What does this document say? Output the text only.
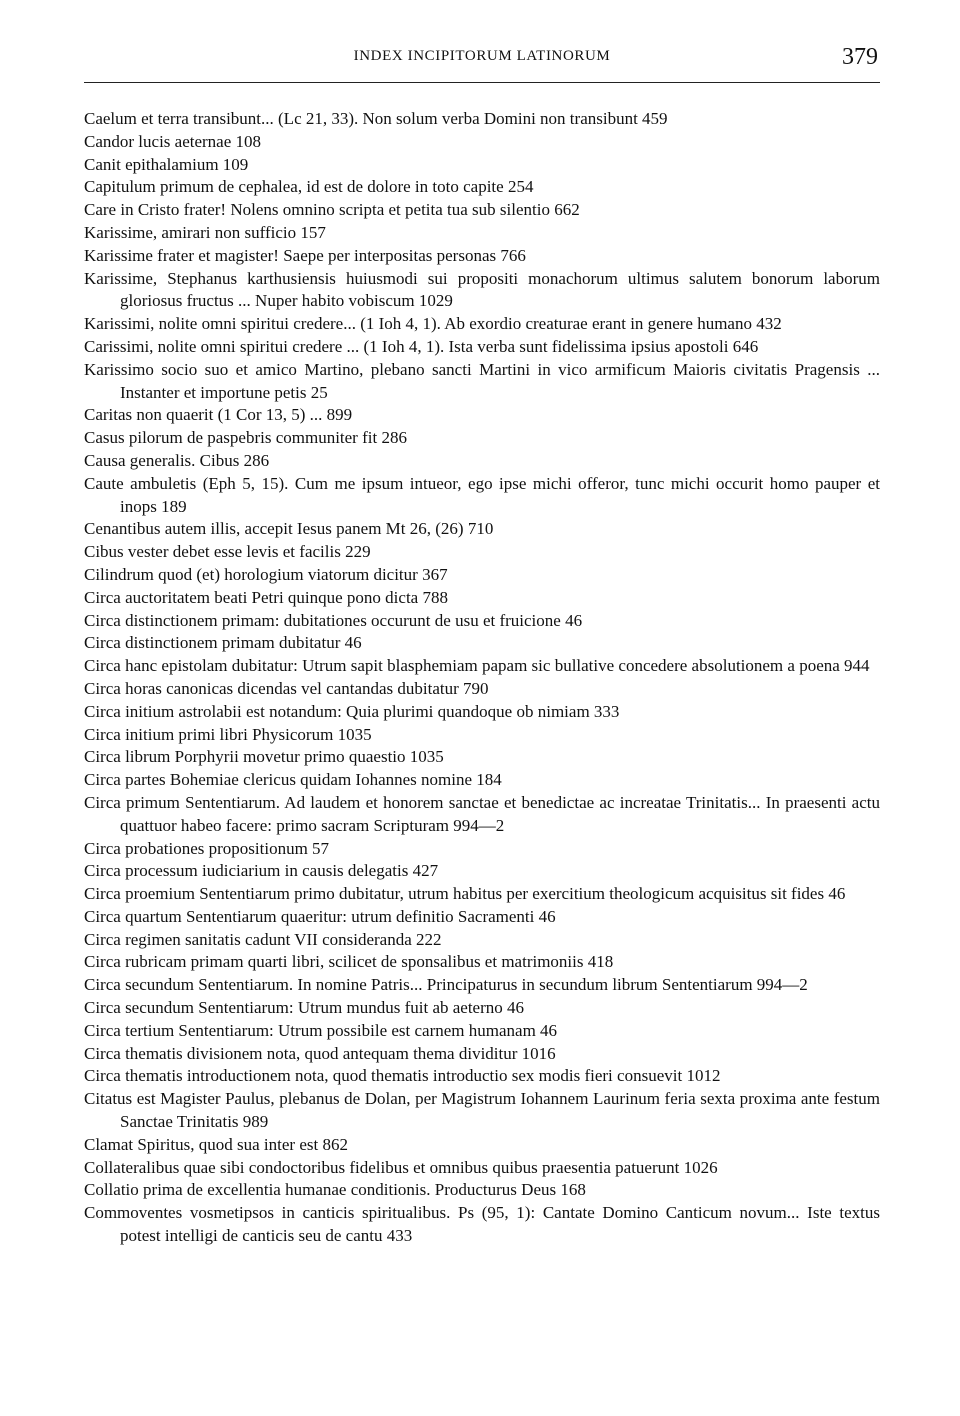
INDEX INCIPITORUM LATINORUM	379
Caelum et terra transibunt... (Lc 21, 33). Non solum verba Domini non transibunt 459
Candor lucis aeternae 108
Canit epithalamium 109
Capitulum primum de cephalea, id est de dolore in toto capite 254
Care in Cristo frater! Nolens omnino scripta et petita tua sub silentio 662
Karissime, amirari non sufficio 157
Karissime frater et magister! Saepe per interpositas personas 766
Karissime, Stephanus karthusiensis huiusmodi sui propositi monachorum ultimus salutem bonorum laborum gloriosus fructus ... Nuper habito vobiscum 1029
Karissimi, nolite omni spiritui credere... (1 Ioh 4, 1). Ab exordio creaturae erant in genere humano 432
Carissimi, nolite omni spiritui credere ... (1 Ioh 4, 1). Ista verba sunt fidelissima ipsius apostoli 646
Karissimo socio suo et amico Martino, plebano sancti Martini in vico armificum Maioris civitatis Pragensis ... Instanter et importune petis 25
Caritas non quaerit (1 Cor 13, 5) ... 899
Casus pilorum de paspebris communiter fit 286
Causa generalis. Cibus 286
Caute ambuletis (Eph 5, 15). Cum me ipsum intueor, ego ipse michi offeror, tunc michi occurit homo pauper et inops 189
Cenantibus autem illis, accepit Iesus panem Mt 26, (26) 710
Cibus vester debet esse levis et facilis 229
Cilindrum quod (et) horologium viatorum dicitur 367
Circa auctoritatem beati Petri quinque pono dicta 788
Circa distinctionem primam: dubitationes occurunt de usu et fruicione 46
Circa distinctionem primam dubitatur 46
Circa hanc epistolam dubitatur: Utrum sapit blasphemiam papam sic bullative concedere absolutionem a poena 944
Circa horas canonicas dicendas vel cantandas dubitatur 790
Circa initium astrolabii est notandum: Quia plurimi quandoque ob nimiam 333
Circa initium primi libri Physicorum 1035
Circa librum Porphyrii movetur primo quaestio 1035
Circa partes Bohemiae clericus quidam Iohannes nomine 184
Circa primum Sententiarum. Ad laudem et honorem sanctae et benedictae ac increatae Trinitatis... In praesenti actu quattuor habeo facere: primo sacram Scripturam 994—2
Circa probationes propositionum 57
Circa processum iudiciarium in causis delegatis 427
Circa proemium Sententiarum primo dubitatur, utrum habitus per exercitium theologicum acquisitus sit fides 46
Circa quartum Sententiarum quaeritur: utrum definitio Sacramenti 46
Circa regimen sanitatis cadunt VII consideranda 222
Circa rubricam primam quarti libri, scilicet de sponsalibus et matrimoniis 418
Circa secundum Sententiarum. In nomine Patris... Principaturus in secundum librum Sententiarum 994—2
Circa secundum Sententiarum: Utrum mundus fuit ab aeterno 46
Circa tertium Sententiarum: Utrum possibile est carnem humanam 46
Circa thematis divisionem nota, quod antequam thema dividitur 1016
Circa thematis introductionem nota, quod thematis introductio sex modis fieri consuevit 1012
Citatus est Magister Paulus, plebanus de Dolan, per Magistrum Iohannem Laurinum feria sexta proxima ante festum Sanctae Trinitatis 989
Clamat Spiritus, quod sua inter est 862
Collateralibus quae sibi condoctoribus fidelibus et omnibus quibus praesentia patuerunt 1026
Collatio prima de excellentia humanae conditionis. Producturus Deus 168
Commoventes vosmetipsos in canticis spiritualibus. Ps (95, 1): Cantate Domino Canticum novum... Iste textus potest intelligi de canticis seu de cantu 433
